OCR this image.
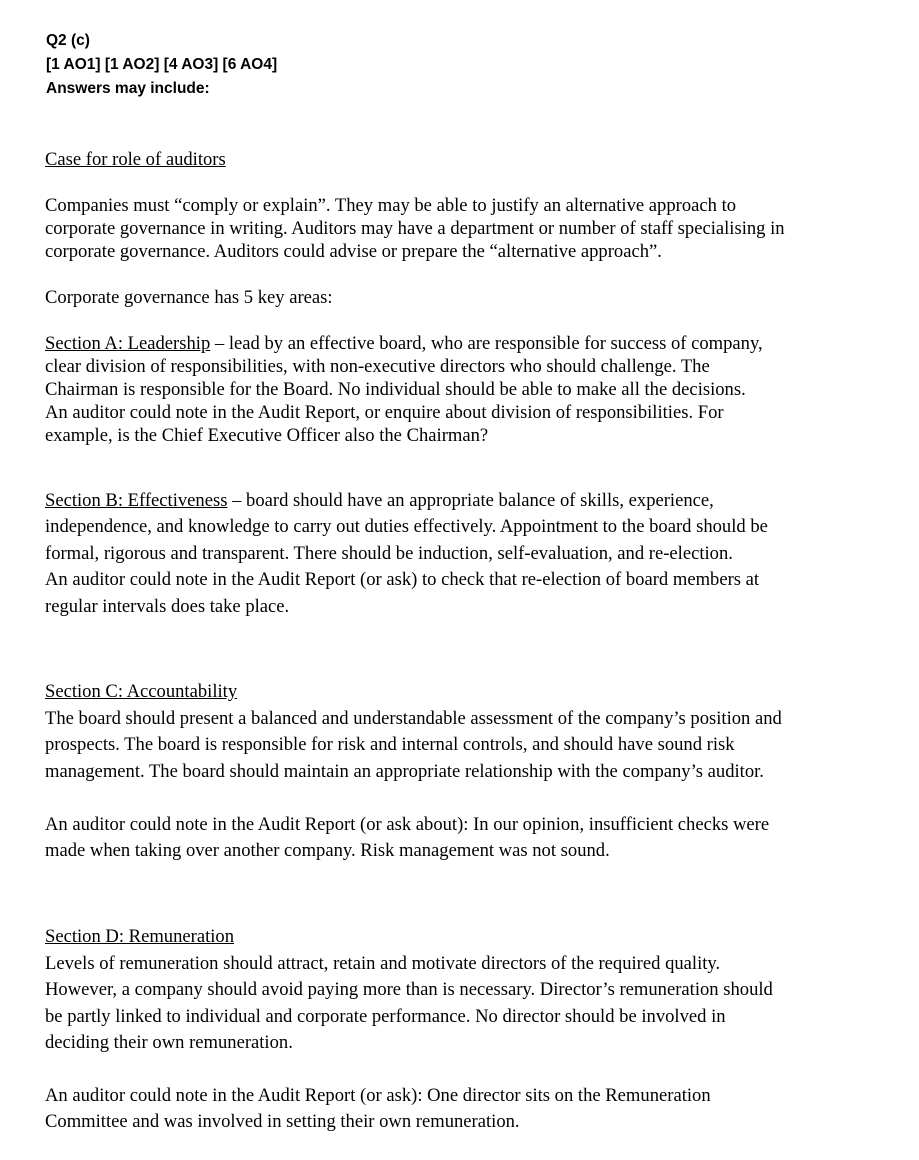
Q2 (c)
[1 AO1] [1 AO2] [4 AO3] [6 AO4]
Answers may include:
Case for role of auditors
Companies must “comply or explain”. They may be able to justify an alternative approach to
corporate governance in writing. Auditors may have a department or number of staff specialising in
corporate governance. Auditors could advise or prepare the “alternative approach”.
Corporate governance has 5 key areas:
Section A: Leadership – lead by an effective board, who are responsible for success of company,
clear division of responsibilities, with non-executive directors who should challenge. The
Chairman is responsible for the Board. No individual should be able to make all the decisions.
An auditor could note in the Audit Report, or enquire about division of responsibilities. For
example, is the Chief Executive Officer also the Chairman?
Section B: Effectiveness – board should have an appropriate balance of skills, experience,
independence, and knowledge to carry out duties effectively. Appointment to the board should be
formal, rigorous and transparent. There should be induction, self-evaluation, and re-election.
An auditor could note in the Audit Report (or ask) to check that re-election of board members at
regular intervals does take place.
Section C: Accountability
The board should present a balanced and understandable assessment of the company’s position and
prospects. The board is responsible for risk and internal controls, and should have sound risk
management. The board should maintain an appropriate relationship with the company’s auditor.
An auditor could note in the Audit Report (or ask about): In our opinion, insufficient checks were
made when taking over another company. Risk management was not sound.
Section D: Remuneration
Levels of remuneration should attract, retain and motivate directors of the required quality.
However, a company should avoid paying more than is necessary. Director’s remuneration should
be partly linked to individual and corporate performance. No director should be involved in
deciding their own remuneration.
An auditor could note in the Audit Report (or ask): One director sits on the Remuneration
Committee and was involved in setting their own remuneration.
